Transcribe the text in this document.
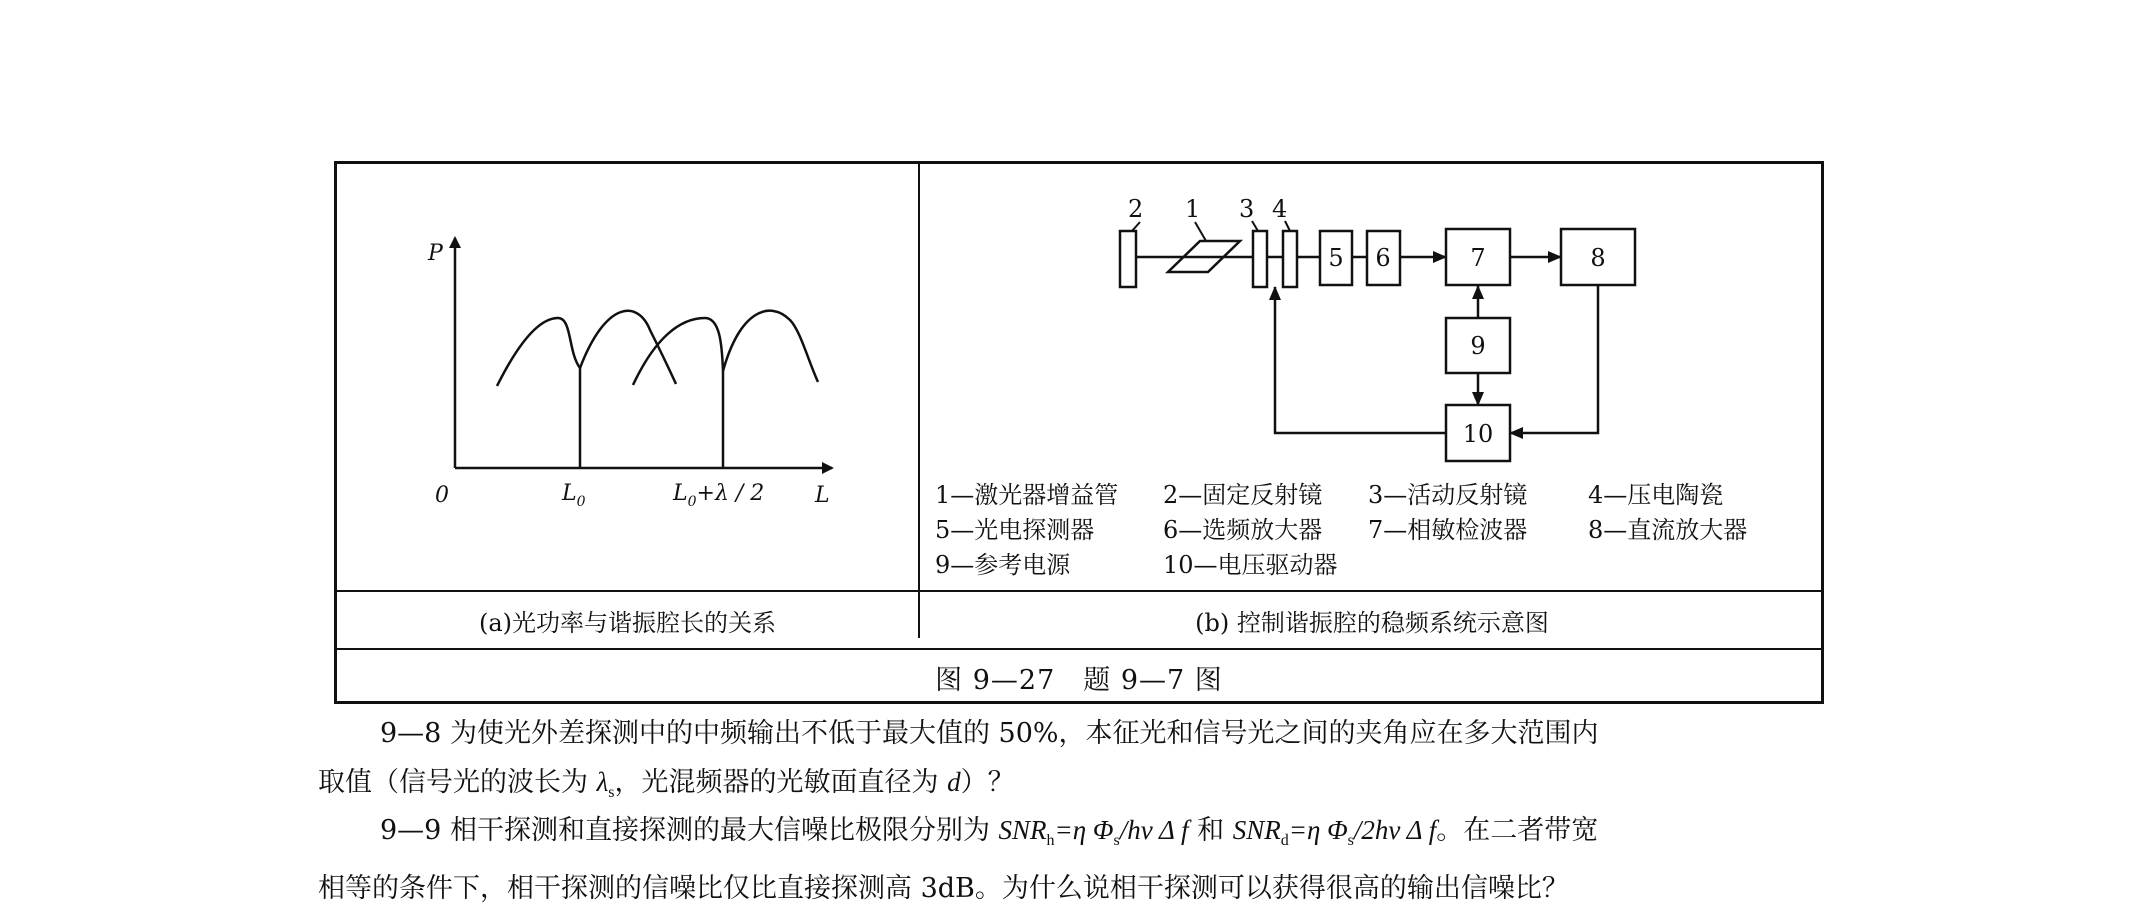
(a)光功率与谐振腔长的关系	(b) 控制谐振腔的稳频系统示意图
图 9—27　题 9—7 图
P
L
0	$L_0$	$L_0+\lambda / 2$
2 1 3 4
5 6	7	8
9
10
1—激光器增益管	2—固定反射镜	3—活动反射镜	4—压电陶瓷
5—光电探测器	6—选频放大器	7—相敏检波器	8—直流放大器
9—参考电源	10—电压驱动器
9—8 为使光外差探测中的中频输出不低于最大值的 50%，本征光和信号光之间的夹角应在多大范围内
取值（信号光的波长为 $\lambda_s$，光混频器的光敏面直径为 d）？
9—9 相干探测和直接探测的最大信噪比极限分别为 $SNR_h=\eta$ $\Phi_s/h\nu$ Δ f 和 $SNR_d=\eta$ $\Phi_s/2h\nu$ Δ f。在二者带宽
相等的条件下，相干探测的信噪比仅比直接探测高 3dB。为什么说相干探测可以获得很高的输出信噪比？
